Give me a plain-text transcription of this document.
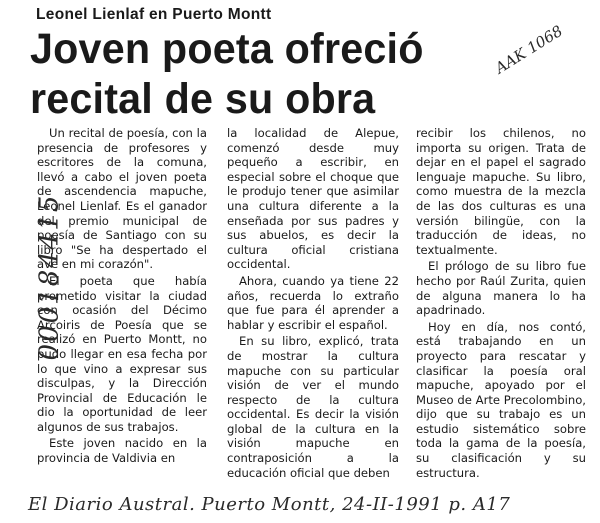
Leonel Lienlaf en Puerto Montt
Joven poeta ofreció
recital de su obra

Un recital de poesía, con la presencia de profesores y escritores de la comuna, llevó a cabo el joven poeta de ascendencia mapuche, Leonel Lienlaf. Es el ganador del premio municipal de poesía de Santiago con su libro "Se ha despertado el ave en mi corazón".

El poeta que había prometido visitar la ciudad con ocasión del Décimo Arcoiris de Poesía que se realizó en Puerto Montt, no pudo llegar en esa fecha por lo que vino a expresar sus disculpas, y la Dirección Provincial de Educación le dio la oportunidad de leer algunos de sus trabajos.

Este joven nacido en la provincia de Valdivia en

la localidad de Alepue, comenzó desde muy pequeño a escribir, en especial sobre el choque que le produjo tener que asimilar una cultura diferente a la enseñada por sus padres y sus abuelos, es decir la cultura oficial cristiana occidental.

Ahora, cuando ya tiene 22 años, recuerda lo extraño que fue para él aprender a hablar y escribir el español.

En su libro, explicó, trata de mostrar la cultura mapuche con su particular visión de ver el mundo respecto de la cultura occidental. Es decir la visión global de la cultura en la visión mapuche en contraposición a la educación oficial que deben

recibir los chilenos, no importa su origen. Trata de dejar en el papel el sagrado lenguaje mapuche. Su libro, como muestra de la mezcla de las dos culturas es una versión bilingüe, con la traducción de ideas, no textualmente.

El prólogo de su libro fue hecho por Raúl Zurita, quien de alguna manera lo ha apadrinado.

Hoy en día, nos contó, está trabajando en un proyecto para rescatar y clasificar la poesía oral mapuche, apoyado por el Museo de Arte Precolombino, dijo que su trabajo es un estudio sistemático sobre toda la gama de la poesía, su clasificación y su estructura.

AAK 1068
000184415
El Diario Austral. Puerto Montt, 24-II-1991 p. A17
